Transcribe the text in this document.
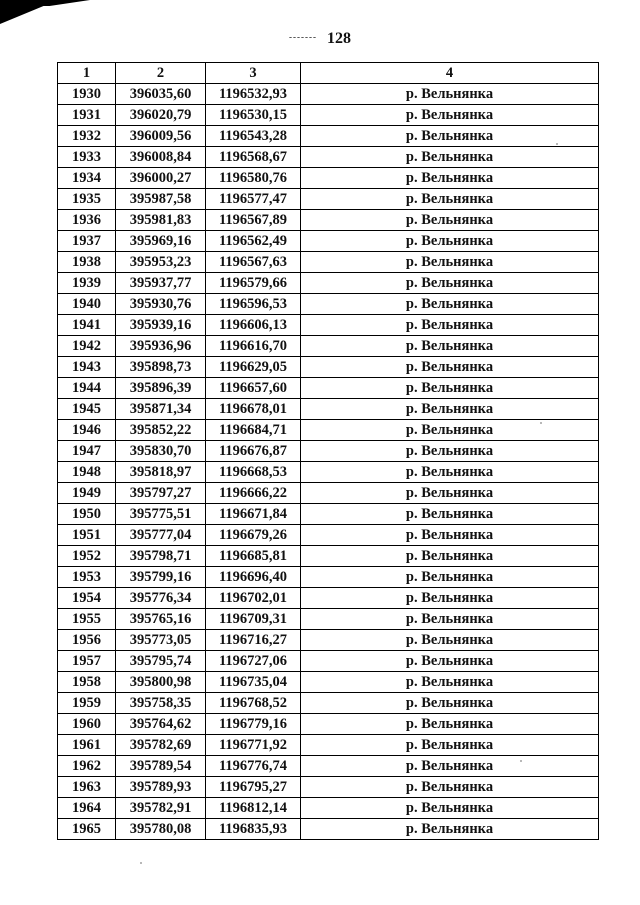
------- 128
1	2	3	4
1930	396035,60	1196532,93	р. Вельнянка
1931	396020,79	1196530,15	р. Вельнянка
1932	396009,56	1196543,28	р. Вельнянка
1933	396008,84	1196568,67	р. Вельнянка
1934	396000,27	1196580,76	р. Вельнянка
1935	395987,58	1196577,47	р. Вельнянка
1936	395981,83	1196567,89	р. Вельнянка
1937	395969,16	1196562,49	р. Вельнянка
1938	395953,23	1196567,63	р. Вельнянка
1939	395937,77	1196579,66	р. Вельнянка
1940	395930,76	1196596,53	р. Вельнянка
1941	395939,16	1196606,13	р. Вельнянка
1942	395936,96	1196616,70	р. Вельнянка
1943	395898,73	1196629,05	р. Вельнянка
1944	395896,39	1196657,60	р. Вельнянка
1945	395871,34	1196678,01	р. Вельнянка
1946	395852,22	1196684,71	р. Вельнянка
1947	395830,70	1196676,87	р. Вельнянка
1948	395818,97	1196668,53	р. Вельнянка
1949	395797,27	1196666,22	р. Вельнянка
1950	395775,51	1196671,84	р. Вельнянка
1951	395777,04	1196679,26	р. Вельнянка
1952	395798,71	1196685,81	р. Вельнянка
1953	395799,16	1196696,40	р. Вельнянка
1954	395776,34	1196702,01	р. Вельнянка
1955	395765,16	1196709,31	р. Вельнянка
1956	395773,05	1196716,27	р. Вельнянка
1957	395795,74	1196727,06	р. Вельнянка
1958	395800,98	1196735,04	р. Вельнянка
1959	395758,35	1196768,52	р. Вельнянка
1960	395764,62	1196779,16	р. Вельнянка
1961	395782,69	1196771,92	р. Вельнянка
1962	395789,54	1196776,74	р. Вельнянка
1963	395789,93	1196795,27	р. Вельнянка
1964	395782,91	1196812,14	р. Вельнянка
1965	395780,08	1196835,93	р. Вельнянка
